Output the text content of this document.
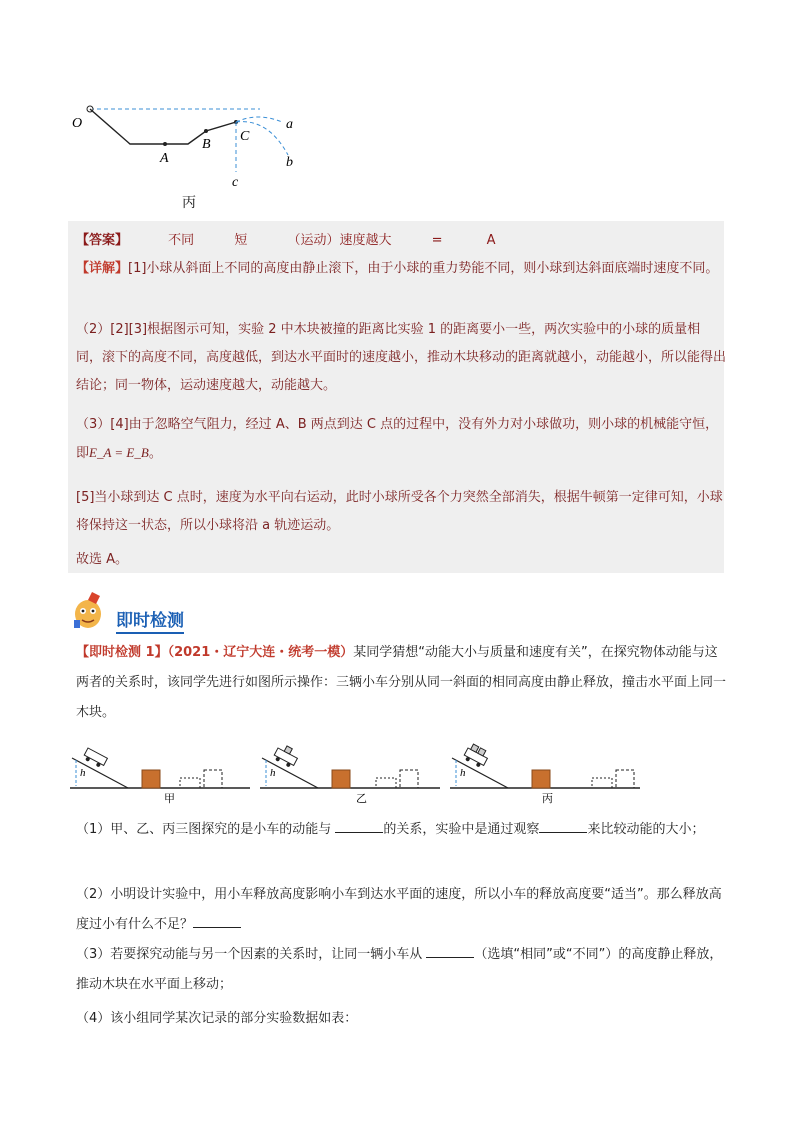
O
A
B
C
a
b
c
丙
【答案】	不同	短	（运动）速度越大	=	A
【详解】[1]小球从斜面上不同的高度由静止滚下，由于小球的重力势能不同，则小球到达斜面底端时速度不同。
（2）[2][3]根据图示可知，实验 2 中木块被撞的距离比实验 1 的距离要小一些，两次实验中的小球的质量相同，滚下的高度不同，高度越低，到达水平面时的速度越小，推动木块移动的距离就越小，动能越小，所以能得出结论；同一物体，运动速度越大，动能越大。
（3）[4]由于忽略空气阻力，经过 A、B 两点到达 C 点的过程中，没有外力对小球做功，则小球的机械能守恒，即E_A = E_B。
[5]当小球到达 C 点时，速度为水平向右运动，此时小球所受各个力突然全部消失，根据牛顿第一定律可知，小球将保持这一状态，所以小球将沿 a 轨迹运动。
故选 A。
即时检测
【即时检测 1】（2021・辽宁大连・统考一模）某同学猜想“动能大小与质量和速度有关”，在探究物体动能与这两者的关系时，该同学先进行如图所示操作：三辆小车分别从同一斜面的相同高度由静止释放，撞击水平面上同一木块。
h
甲
h
乙
h
丙
（1）甲、乙、丙三图探究的是小车的动能与	的关系，实验中是通过观察	来比较动能的大小；
（2）小明设计实验中，用小车释放高度影响小车到达水平面的速度，所以小车的释放高度要“适当”。那么释放高度过小有什么不足？
（3）若要探究动能与另一个因素的关系时，让同一辆小车从	（选填“相同”或“不同”）的高度静止释放，推动木块在水平面上移动；
（4）该小组同学某次记录的部分实验数据如表：
